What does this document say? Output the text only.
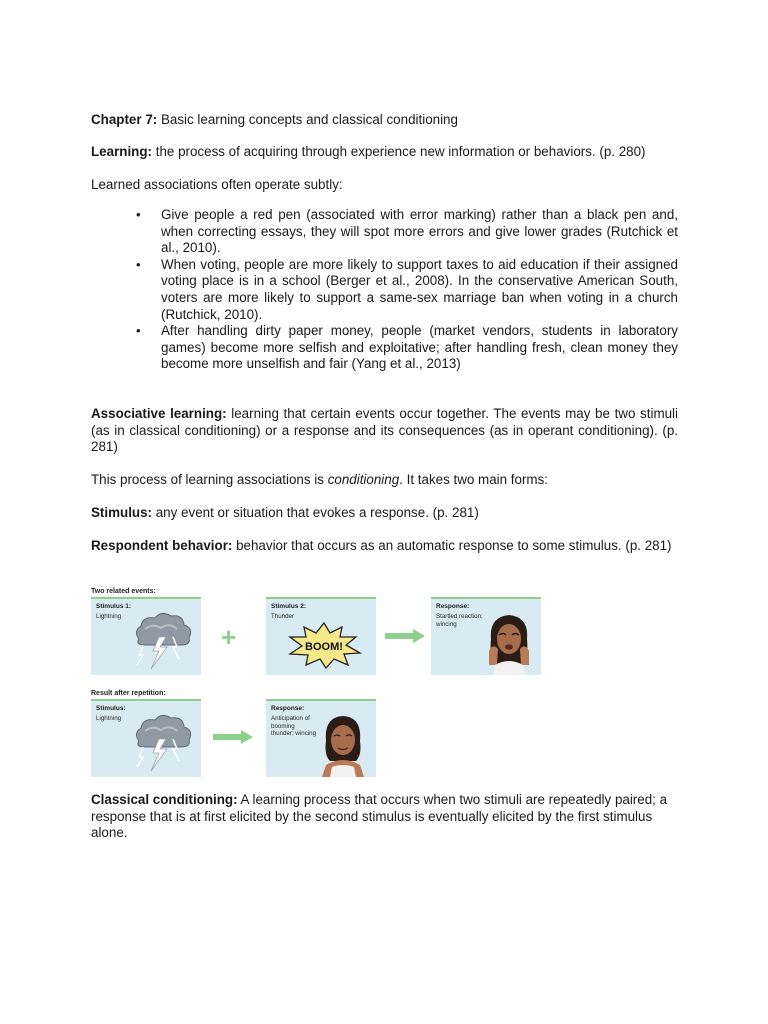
Chapter 7: Basic learning concepts and classical conditioning

Learning: the process of acquiring through experience new information or behaviors. (p. 280)

Learned associations often operate subtly:

• Give people a red pen (associated with error marking) rather than a black pen and, when correcting essays, they will spot more errors and give lower grades (Rutchick et al., 2010).
• When voting, people are more likely to support taxes to aid education if their assigned voting place is in a school (Berger et al., 2008). In the conservative American South, voters are more likely to support a same-sex marriage ban when voting in a church (Rutchick, 2010).
• After handling dirty paper money, people (market vendors, students in laboratory games) become more selfish and exploitative; after handling fresh, clean money they become more unselfish and fair (Yang et al., 2013)

Associative learning: learning that certain events occur together. The events may be two stimuli (as in classical conditioning) or a response and its consequences (as in operant conditioning). (p. 281)

This process of learning associations is conditioning. It takes two main forms:

Stimulus: any event or situation that evokes a response. (p. 281)

Respondent behavior: behavior that occurs as an automatic response to some stimulus. (p. 281)

Two related events:
Stimulus 1:
Lightning
+
Stimulus 2:
Thunder
BOOM!
Response:
Startled reaction; wincing
Result after repetition:
Stimulus:
Lightning
Response:
Anticipation of booming thunder; wincing

Classical conditioning: A learning process that occurs when two stimuli are repeatedly paired; a response that is at first elicited by the second stimulus is eventually elicited by the first stimulus alone.
